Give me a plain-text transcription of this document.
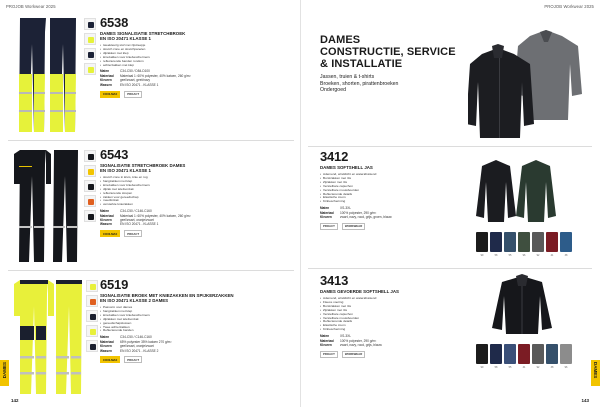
PROJOB Workwear 2025
6538
DAMES SIGNALISATIE STRETCHBROEK
EN ISO 20471 KLASSE 1
• tweekleurig stof met zijstreepje
• stretch zone en stretchpanelen
• dijzakken met klep
• kniezakken voor kniebeschermers
• reflecterende banden rondom
• achterzakken met klep
Maten	C34-C50 / D84-D100
Materiaal	Materiaal 1: 60% polyester, 40% katoen, 260 g/m²
Kleuren	geel/zwart, geel/navy
Wassen	EN ISO 20471 - KLASSE 1
COOLMAX	PROACT
6543
SIGNALISATIE STRETCHBROEK DAMES
EN ISO 20471 KLASSE 1
• stretch zone in kruis, knie en rug
• hangzakken met klep
• kniezakken voor kniebeschermers
• dijzak met telefoonzak
• reflecterende strepen
• zakken voor gereedschap
• meetlintzak
• versterkte kniezakken
Maten	C34-C50 / C146-C160
Materiaal	Materiaal 1: 60% polyester, 40% katoen, 260 g/m²
Kleuren	geel/zwart, oranje/zwart
Wassen	EN ISO 20471 - KLASSE 1
COOLMAX	PROACT
6519
SIGNALISATIE BROEK MET KNIEZAKKEN EN SPIJKERZAKKEN
EN ISO 20471 KLASSE 2 DAMES
• Pasvorm voor dames
• hangzakken met klep
• kniezakken voor kniebeschermers
• dijzakken met telefoonzak
• gereedschapslussen
• Twee achterzakken
• Reflecterende banden
Maten	C34-C50 / C146-C160
Materiaal	65% polyester 35% katoen 270 g/m²
Kleuren	geel/zwart, oranje/zwart
Wassen	EN ISO 20471 - KLASSE 2
COOLMAX	PROACT
DAMES
142
PROJOB Workwear 2025
DAMES
CONSTRUCTIE, SERVICE
& INSTALLATIE
Jassen, truien & t-shirts
Broeken, shorten, pirattenbroeken
Ondergoed
3412
DAMES SOFTSHELL JAS
• Ademend, winddicht en waterafstotend
• Borstzakken met rits
• Zijzakken met rits
• Verstelbare capuchon
• Verstelbare mouwboorden
• Reflecterende details
• Elastische zoom
• Kinbescherming
Maten	XS-3XL
Materiaal	100% polyester, 290 g/m²
Kleuren	zwart, navy, rood, grijs, groen, blauw
PROACT	WORKWEAR
99	58	55	96	92	41	38
3413
DAMES GEVOERDE SOFTSHELL JAS
• Ademend, winddicht en waterafstotend
• Fleece voering
• Borstzakken met rits
• Zijzakken met rits
• Verstelbare capuchon
• Verstelbare mouwboorden
• Reflecterende details
• Elastische zoom
• Kinbescherming
Maten	XS-3XL
Materiaal	100% polyester, 290 g/m²
Kleuren	zwart, navy, rood, grijs, blauw
PROACT	WORKWEAR
99	58	55	41	92	38	96	DAMES
143
